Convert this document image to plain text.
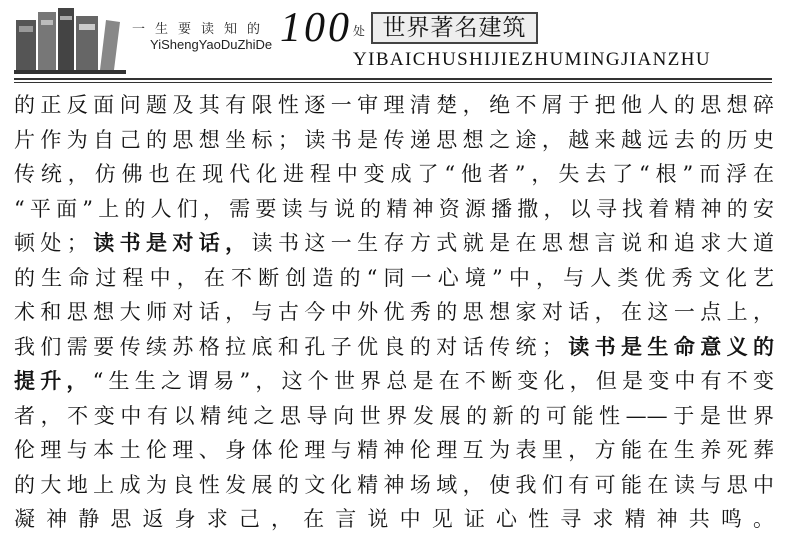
一生要读知的
YiShengYaoDuZhiDe 100 处 世界著名建筑
YIBAICHUSHIJIEZHUMINGJIANZHU
的正反面问题及其有限性逐一审理清楚，绝不屑于把他人的思想碎
片作为自己的思想坐标；读书是传递思想之途，越来越远去的历史
传统，仿佛也在现代化进程中变成了“他者”，失去了“根”而浮在
“平面”上的人们，需要读与说的精神资源播撒，以寻找着精神的安
顿处；读书是对话，读书这一生存方式就是在思想言说和追求大道
的生命过程中，在不断创造的“同一心境”中，与人类优秀文化艺
术和思想大师对话，与古今中外优秀的思想家对话，在这一点上，
我们需要传续苏格拉底和孔子优良的对话传统；读书是生命意义的
提升，“生生之谓易”，这个世界总是在不断变化，但是变中有不变
者，不变中有以精纯之思导向世界发展的新的可能性——于是世界
伦理与本土伦理、身体伦理与精神伦理互为表里，方能在生养死葬
的大地上成为良性发展的文化精神场域，使我们有可能在读与思中
凝神静思返身求己，在言说中见证心性寻求精神共鸣。
